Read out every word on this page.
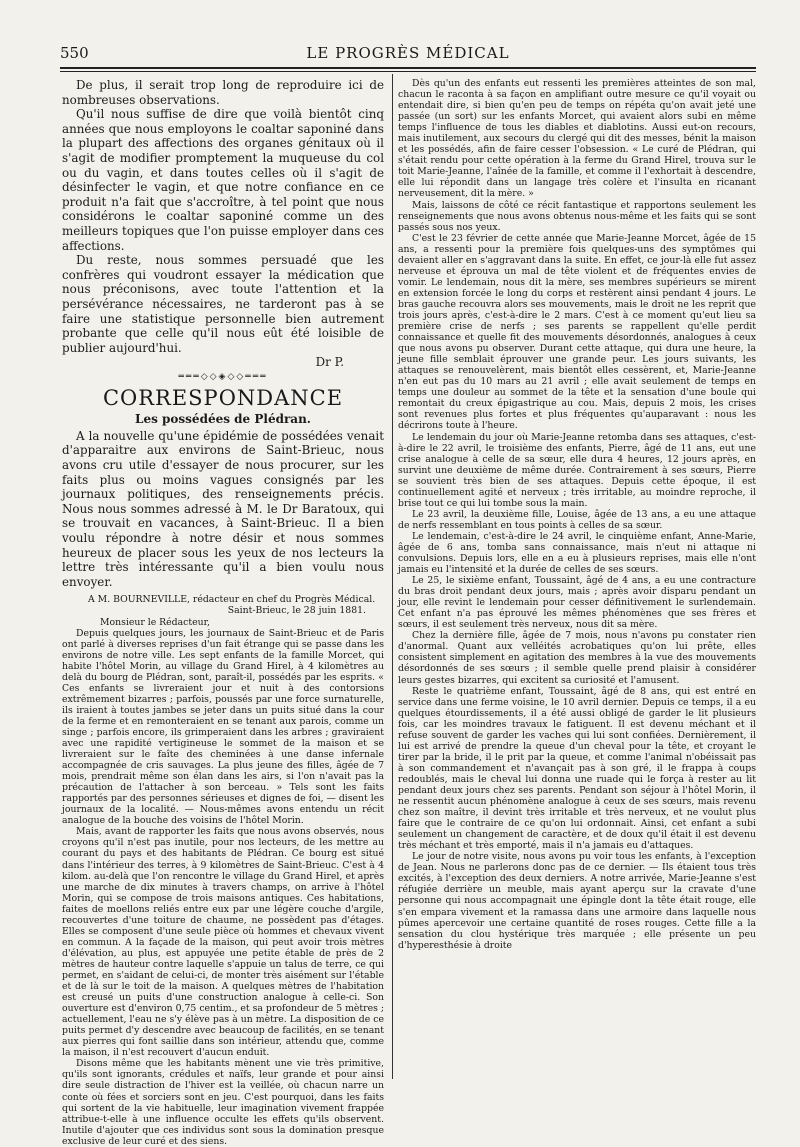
550	LE PROGRÈS MÉDICAL

De plus, il serait trop long de reproduire ici de nombreuses observations.

Qu'il nous suffise de dire que voilà bientôt cinq années que nous employons le coaltar saponiné dans la plupart des affections des organes génitaux où il s'agit de modifier promptement la muqueuse du col ou du vagin, et dans toutes celles où il s'agit de désinfecter le vagin, et que notre confiance en ce produit n'a fait que s'accroître, à tel point que nous considérons le coaltar saponiné comme un des meilleurs topiques que l'on puisse employer dans ces affections.

Du reste, nous sommes persuadé que les confrères qui voudront essayer la médication que nous préconisons, avec toute l'attention et la persévérance nécessaires, ne tarderont pas à se faire une statistique personnelle bien autrement probante que celle qu'il nous eût été loisible de publier aujourd'hui.

Dr P.
═══◇◇◈◇◇═══
CORRESPONDANCE
Les possédées de Plédran.

A la nouvelle qu'une épidémie de possédées venait d'apparaitre aux environs de Saint-Brieuc, nous avons cru utile d'essayer de nous procurer, sur les faits plus ou moins vagues consignés par les journaux politiques, des renseignements précis. Nous nous sommes adressé à M. le Dr Baratoux, qui se trouvait en vacances, à Saint-Brieuc. Il a bien voulu répondre à notre désir et nous sommes heureux de placer sous les yeux de nos lecteurs la lettre très intéressante qu'il a bien voulu nous envoyer.

A M. BOURNEVILLE, rédacteur en chef du Progrès Médical.

Saint-Brieuc, le 28 juin 1881.

Monsieur le Rédacteur,

Depuis quelques jours, les journaux de Saint-Brieuc et de Paris ont parlé à diverses reprises d'un fait étrange qui se passe dans les environs de notre ville. Les sept enfants de la famille Morcet, qui habite l'hôtel Morin, au village du Grand Hirel, à 4 kilomètres au delà du bourg de Plédran, sont, paraît-il, possédés par les esprits. « Ces enfants se livreraient jour et nuit à des contorsions extrêmement bizarres ; parfois, poussés par une force surnaturelle, ils iraient à toutes jambes se jeter dans un puits situé dans la cour de la ferme et en remonteraient en se tenant aux parois, comme un singe ; parfois encore, ils grimperaient dans les arbres ; graviraient avec une rapidité vertigineuse le sommet de la maison et se livreraient sur le faîte des cheminées à une danse infernale accompagnée de cris sauvages. La plus jeune des filles, âgée de 7 mois, prendrait même son élan dans les airs, si l'on n'avait pas la précaution de l'attacher à son berceau. » Tels sont les faits rapportés par des personnes sérieuses et dignes de foi, — disent les journaux de la localité. — Nous-mêmes avons entendu un récit analogue de la bouche des voisins de l'hôtel Morin.

Mais, avant de rapporter les faits que nous avons observés, nous croyons qu'il n'est pas inutile, pour nos lecteurs, de les mettre au courant du pays et des habitants de Plédran. Ce bourg est situé dans l'intérieur des terres, à 9 kilomètres de Saint-Brieuc. C'est à 4 kilom. au-delà que l'on rencontre le village du Grand Hirel, et après une marche de dix minutes à travers champs, on arrive à l'hôtel Morin, qui se compose de trois maisons antiques. Ces habitations, faites de moellons reliés entre eux par une légère couche d'argile, recouvertes d'une toiture de chaume, ne possèdent pas d'étages. Elles se composent d'une seule pièce où hommes et chevaux vivent en commun. A la façade de la maison, qui peut avoir trois mètres d'élévation, au plus, est appuyée une petite étable de près de 2 mètres de hauteur contre laquelle s'appuie un talus de terre, ce qui permet, en s'aidant de celui-ci, de monter très aisément sur l'étable et de là sur le toit de la maison. A quelques mètres de l'habitation est creusé un puits d'une construction analogue à celle-ci. Son ouverture est d'environ 0,75 centim., et sa profondeur de 5 mètres ; actuellement, l'eau ne s'y élève pas à un mètre. La disposition de ce puits permet d'y descendre avec beaucoup de facilités, en se tenant aux pierres qui font saillie dans son intérieur, attendu que, comme la maison, il n'est recouvert d'aucun enduit.

Disons même que les habitants mènent une vie très primitive, qu'ils sont ignorants, crédules et naïfs, leur grande et pour ainsi dire seule distraction de l'hiver est la veillée, où chacun narre un conte où fées et sorciers sont en jeu. C'est pourquoi, dans les faits qui sortent de la vie habituelle, leur imagination vivement frappée attribue-t-elle à une influence occulte les effets qu'ils observent. Inutile d'ajouter que ces individus sont sous la domination presque exclusive de leur curé et des siens.

Dès qu'un des enfants eut ressenti les premières atteintes de son mal, chacun le raconta à sa façon en amplifiant outre mesure ce qu'il voyait ou entendait dire, si bien qu'en peu de temps on répéta qu'on avait jeté une passée (un sort) sur les enfants Morcet, qui avaient alors subi en même temps l'influence de tous les diables et diablotins. Aussi eut-on recours, mais inutilement, aux secours du clergé qui dit des messes, bénit la maison et les possédés, afin de faire cesser l'obsession. « Le curé de Plédran, qui s'était rendu pour cette opération à la ferme du Grand Hirel, trouva sur le toit Marie-Jeanne, l'aînée de la famille, et comme il l'exhortait à descendre, elle lui répondit dans un langage très colère et l'insulta en ricanant nerveusement, dit la mère. »

Mais, laissons de côté ce récit fantastique et rapportons seulement les renseignements que nous avons obtenus nous-même et les faits qui se sont passés sous nos yeux.

C'est le 23 février de cette année que Marie-Jeanne Morcet, âgée de 15 ans, a ressenti pour la première fois quelques-uns des symptômes qui devaient aller en s'aggravant dans la suite. En effet, ce jour-là elle fut assez nerveuse et éprouva un mal de tête violent et de fréquentes envies de vomir. Le lendemain, nous dit la mère, ses membres supérieurs se mirent en extension forcée le long du corps et restèrent ainsi pendant 4 jours. Le bras gauche recouvra alors ses mouvements, mais le droit ne les reprit que trois jours après, c'est-à-dire le 2 mars. C'est à ce moment qu'eut lieu sa première crise de nerfs ; ses parents se rappellent qu'elle perdit connaissance et quelle fit des mouvements désordonnés, analogues à ceux que nous avons pu observer. Durant cette attaque, qui dura une heure, la jeune fille semblait éprouver une grande peur. Les jours suivants, les attaques se renouvelèrent, mais bientôt elles cessèrent, et, Marie-Jeanne n'en eut pas du 10 mars au 21 avril ; elle avait seulement de temps en temps une douleur au sommet de la tête et la sensation d'une boule qui remontait du creux épigastrique au cou. Mais, depuis 2 mois, les crises sont revenues plus fortes et plus fréquentes qu'auparavant : nous les décrirons toute à l'heure.

Le lendemain du jour où Marie-Jeanne retomba dans ses attaques, c'est-à-dire le 22 avril, le troisième des enfants, Pierre, âgé de 11 ans, eut une crise analogue à celle de sa sœur, elle dura 4 heures, 12 jours après, en survint une deuxième de même durée. Contrairement à ses sœurs, Pierre se souvient très bien de ses attaques. Depuis cette époque, il est continuellement agité et nerveux ; très irritable, au moindre reproche, il brise tout ce qui lui tombe sous la main.

Le 23 avril, la deuxième fille, Louise, âgée de 13 ans, a eu une attaque de nerfs ressemblant en tous points à celles de sa sœur.

Le lendemain, c'est-à-dire le 24 avril, le cinquième enfant, Anne-Marie, âgée de 6 ans, tomba sans connaissance, mais n'eut ni attaque ni convulsions. Depuis lors, elle en a eu à plusieurs reprises, mais elle n'ont jamais eu l'intensité et la durée de celles de ses sœurs.

Le 25, le sixième enfant, Toussaint, âgé de 4 ans, a eu une contracture du bras droit pendant deux jours, mais ; après avoir disparu pendant un jour, elle revint le lendemain pour cesser définitivement le surlendemain. Cet enfant n'a pas éprouvé les mêmes phénomènes que ses frères et sœurs, il est seulement très nerveux, nous dit sa mère.

Chez la dernière fille, âgée de 7 mois, nous n'avons pu constater rien d'anormal. Quant aux velléités acrobatiques qu'on lui prête, elles consistent simplement en agitation des membres à la vue des mouvements désordonnés de ses sœurs ; il semble quelle prend plaisir à considérer leurs gestes bizarres, qui excitent sa curiosité et l'amusent.

Reste le quatrième enfant, Toussaint, âgé de 8 ans, qui est entré en service dans une ferme voisine, le 10 avril dernier. Depuis ce temps, il a eu quelques étourdissements, il a été aussi obligé de garder le lit plusieurs fois, car les moindres travaux le fatiguent. Il est devenu méchant et il refuse souvent de garder les vaches qui lui sont confiées. Dernièrement, il lui est arrivé de prendre la queue d'un cheval pour la tête, et croyant le tirer par la bride, il le prit par la queue, et comme l'animal n'obéissait pas à son commandement et n'avançait pas à son gré, il le frappa à coups redoublés, mais le cheval lui donna une ruade qui le força à rester au lit pendant deux jours chez ses parents. Pendant son séjour à l'hôtel Morin, il ne ressentit aucun phénomène analogue à ceux de ses sœurs, mais revenu chez son maître, il devint très irritable et très nerveux, et ne voulut plus faire que le contraire de ce qu'on lui ordonnait. Ainsi, cet enfant a subi seulement un changement de caractère, et de doux qu'il était il est devenu très méchant et très emporté, mais il n'a jamais eu d'attaques.

Le jour de notre visite, nous avons pu voir tous les enfants, à l'exception de Jean. Nous ne parlerons donc pas de ce dernier. — Ils étaient tous très excités, à l'exception des deux derniers. A notre arrivée, Marie-Jeanne s'est réfugiée derrière un meuble, mais ayant aperçu sur la cravate d'une personne qui nous accompagnait une épingle dont la tête était rouge, elle s'en empara vivement et la ramassa dans une armoire dans laquelle nous pûmes apercevoir une certaine quantité de roses rouges. Cette fille a la sensation du clou hystérique très marquée ; elle présente un peu d'hyperesthésie à droite
